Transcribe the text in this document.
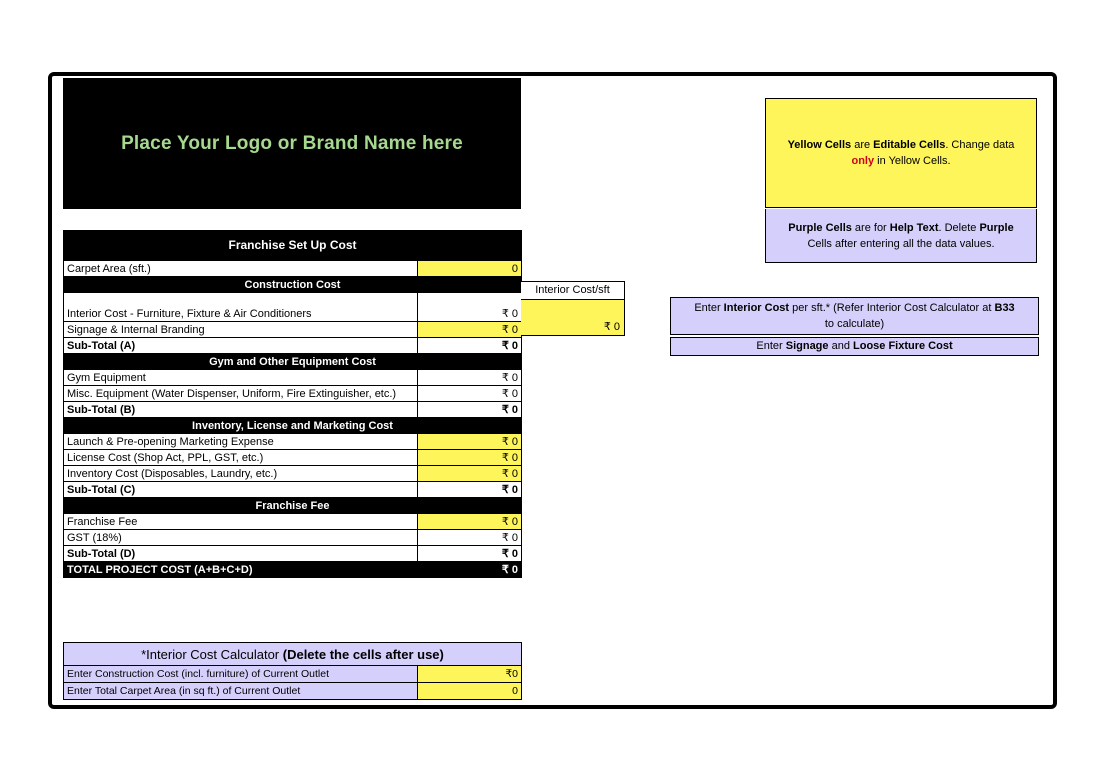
Place Your Logo or Brand Name here
Franchise Set Up Cost	
Carpet Area (sft.)	0
Construction Cost	
Interior Cost - Furniture, Fixture & Air Conditioners	₹ 0
Signage & Internal Branding	₹ 0
Sub-Total (A)	₹ 0
Gym and Other Equipment Cost	
Gym Equipment	₹ 0
Misc. Equipment (Water Dispenser, Uniform, Fire Extinguisher, etc.)	₹ 0
Sub-Total (B)	₹ 0
Inventory, License and Marketing Cost	
Launch & Pre-opening Marketing Expense	₹ 0
License Cost (Shop Act, PPL, GST, etc.)	₹ 0
Inventory Cost (Disposables, Laundry, etc.)	₹ 0
Sub-Total (C)	₹ 0
Franchise Fee	
Franchise Fee	₹ 0
GST (18%)	₹ 0
Sub-Total (D)	₹ 0
TOTAL PROJECT COST (A+B+C+D)	₹ 0
Interior Cost/sft
₹ 0
Yellow Cells are Editable Cells. Change data
only in Yellow Cells.
Purple Cells are for Help Text. Delete Purple
Cells after entering all the data values.
Enter Interior Cost per sft.* (Refer Interior Cost Calculator at B33
to calculate)
Enter Signage and Loose Fixture Cost
*Interior Cost Calculator (Delete the cells after use)	
Enter Construction Cost (incl. furniture) of Current Outlet	₹0
Enter Total Carpet Area (in sq ft.) of Current Outlet	0
